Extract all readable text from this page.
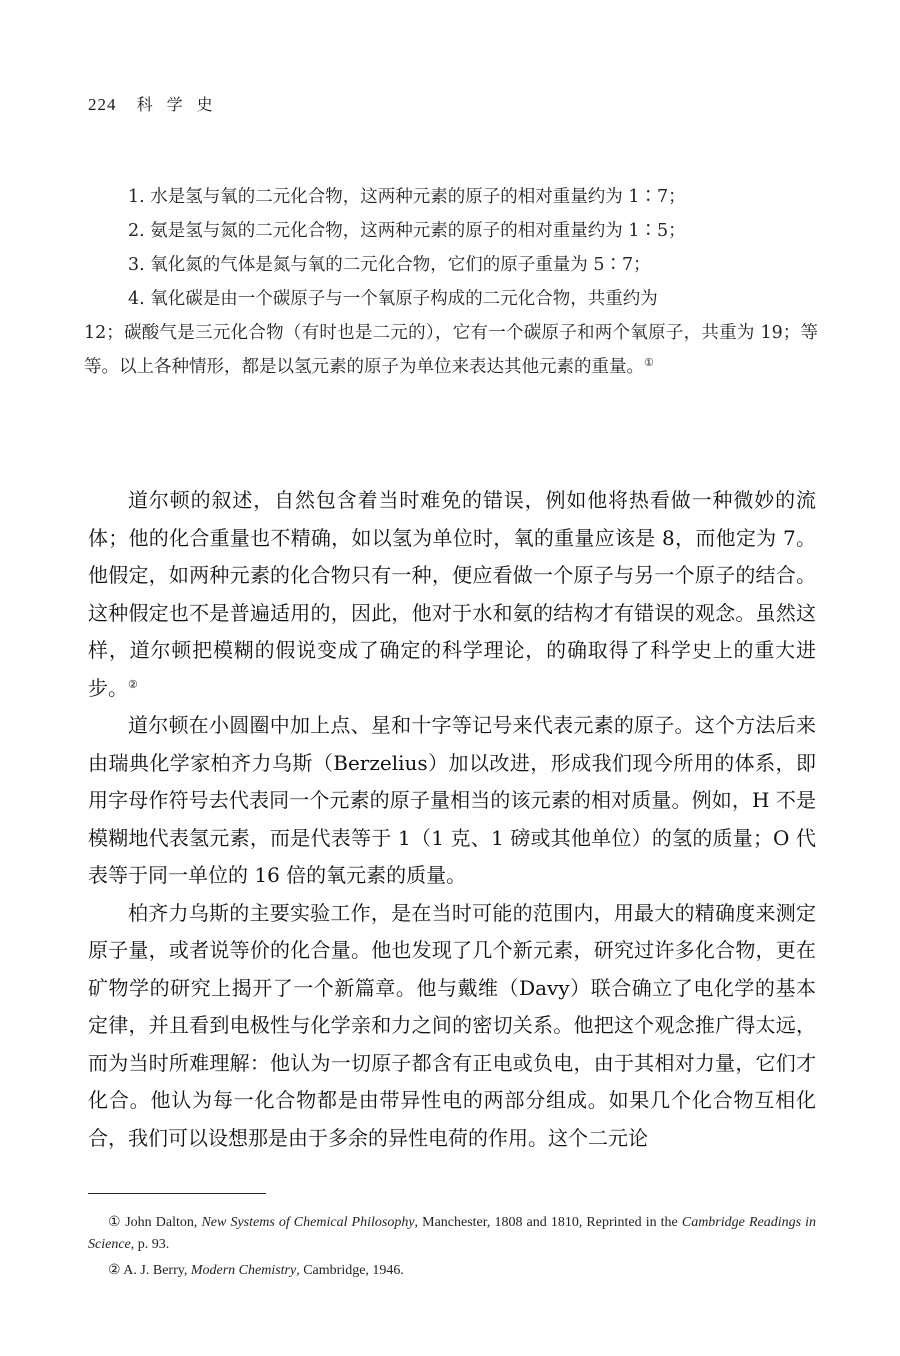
224 科学史

1. 水是氢与氧的二元化合物，这两种元素的原子的相对重量约为 1∶7；

2. 氨是氢与氮的二元化合物，这两种元素的原子的相对重量约为 1∶5；

3. 氧化氮的气体是氮与氧的二元化合物，它们的原子重量为 5∶7；

4. 氧化碳是由一个碳原子与一个氧原子构成的二元化合物，共重约为

12；碳酸气是三元化合物（有时也是二元的），它有一个碳原子和两个氧原子，共重为 19；等等。以上各种情形，都是以氢元素的原子为单位来表达其他元素的重量。①

道尔顿的叙述，自然包含着当时难免的错误，例如他将热看做一种微妙的流体；他的化合重量也不精确，如以氢为单位时，氧的重量应该是 8，而他定为 7。他假定，如两种元素的化合物只有一种，便应看做一个原子与另一个原子的结合。这种假定也不是普遍适用的，因此，他对于水和氨的结构才有错误的观念。虽然这样，道尔顿把模糊的假说变成了确定的科学理论，的确取得了科学史上的重大进步。②

道尔顿在小圆圈中加上点、星和十字等记号来代表元素的原子。这个方法后来由瑞典化学家柏齐力乌斯（Berzelius）加以改进，形成我们现今所用的体系，即用字母作符号去代表同一个元素的原子量相当的该元素的相对质量。例如，H 不是模糊地代表氢元素，而是代表等于 1（1 克、1 磅或其他单位）的氢的质量；O 代表等于同一单位的 16 倍的氧元素的质量。

柏齐力乌斯的主要实验工作，是在当时可能的范围内，用最大的精确度来测定原子量，或者说等价的化合量。他也发现了几个新元素，研究过许多化合物，更在矿物学的研究上揭开了一个新篇章。他与戴维（Davy）联合确立了电化学的基本定律，并且看到电极性与化学亲和力之间的密切关系。他把这个观念推广得太远，而为当时所难理解：他认为一切原子都含有正电或负电，由于其相对力量，它们才化合。他认为每一化合物都是由带异性电的两部分组成。如果几个化合物互相化合，我们可以设想那是由于多余的异性电荷的作用。这个二元论

① John Dalton, New Systems of Chemical Philosophy, Manchester, 1808 and 1810, Reprinted in the Cambridge Readings in Science, p. 93.

② A. J. Berry, Modern Chemistry, Cambridge, 1946.
